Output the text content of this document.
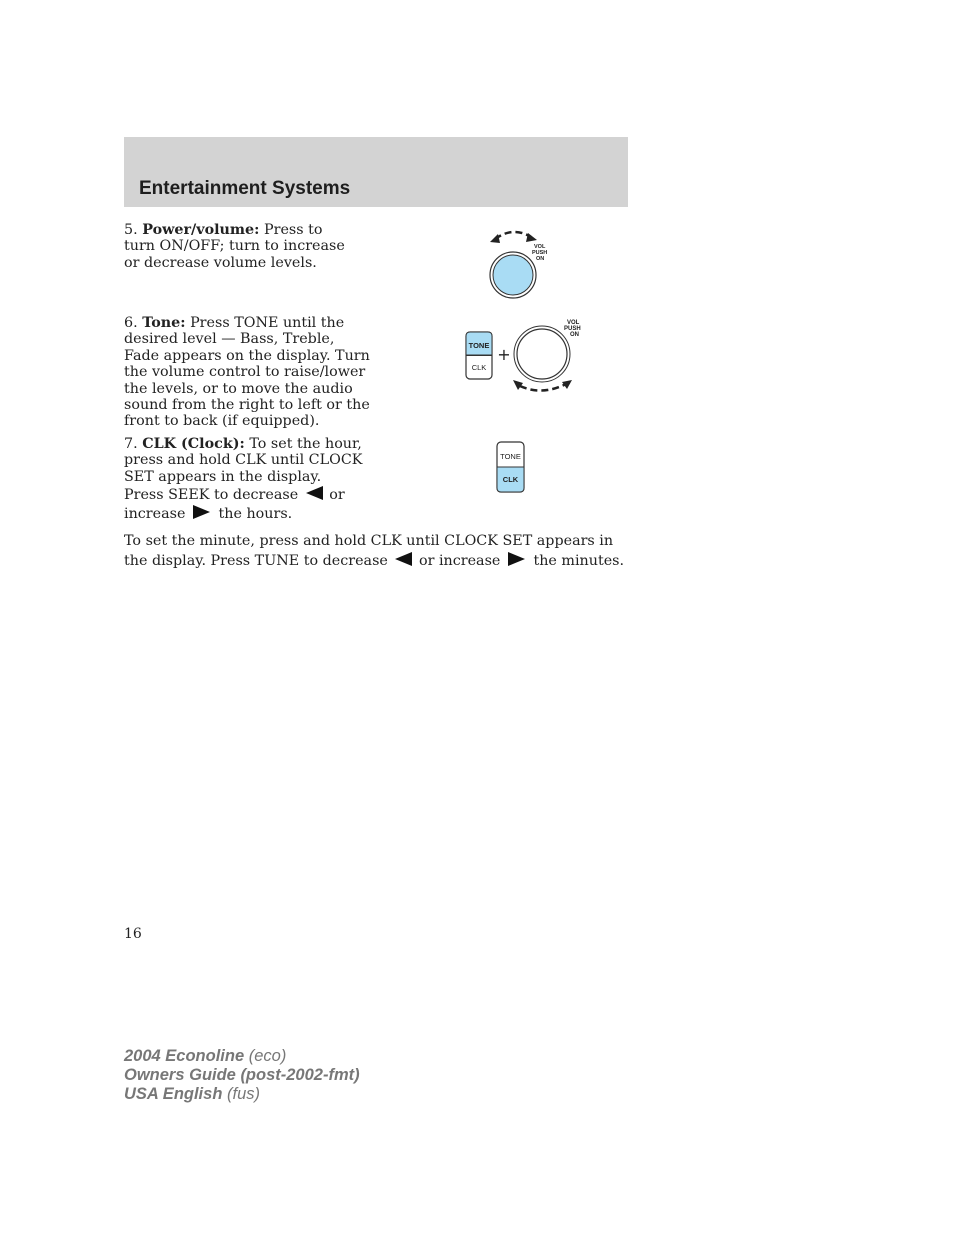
Entertainment Systems
5. Power/volume: Press to turn ON/OFF; turn to increase or decrease volume levels.
VOL
PUSH
ON
6. Tone: Press TONE until the desired level — Bass, Treble, Fade appears on the display. Turn the volume control to raise/lower the levels, or to move the audio sound from the right to left or the front to back (if equipped).
TONE
CLK
+
VOL
PUSH
ON
7. CLK (Clock): To set the hour, press and hold CLK until CLOCK SET appears in the display. Press SEEK to decrease or
increase the hours.
TONE
CLK
To set the minute, press and hold CLK until CLOCK SET appears in the display. Press TUNE to decrease or increase the minutes.
16
2004 Econoline (eco)
Owners Guide (post-2002-fmt)
USA English (fus)
